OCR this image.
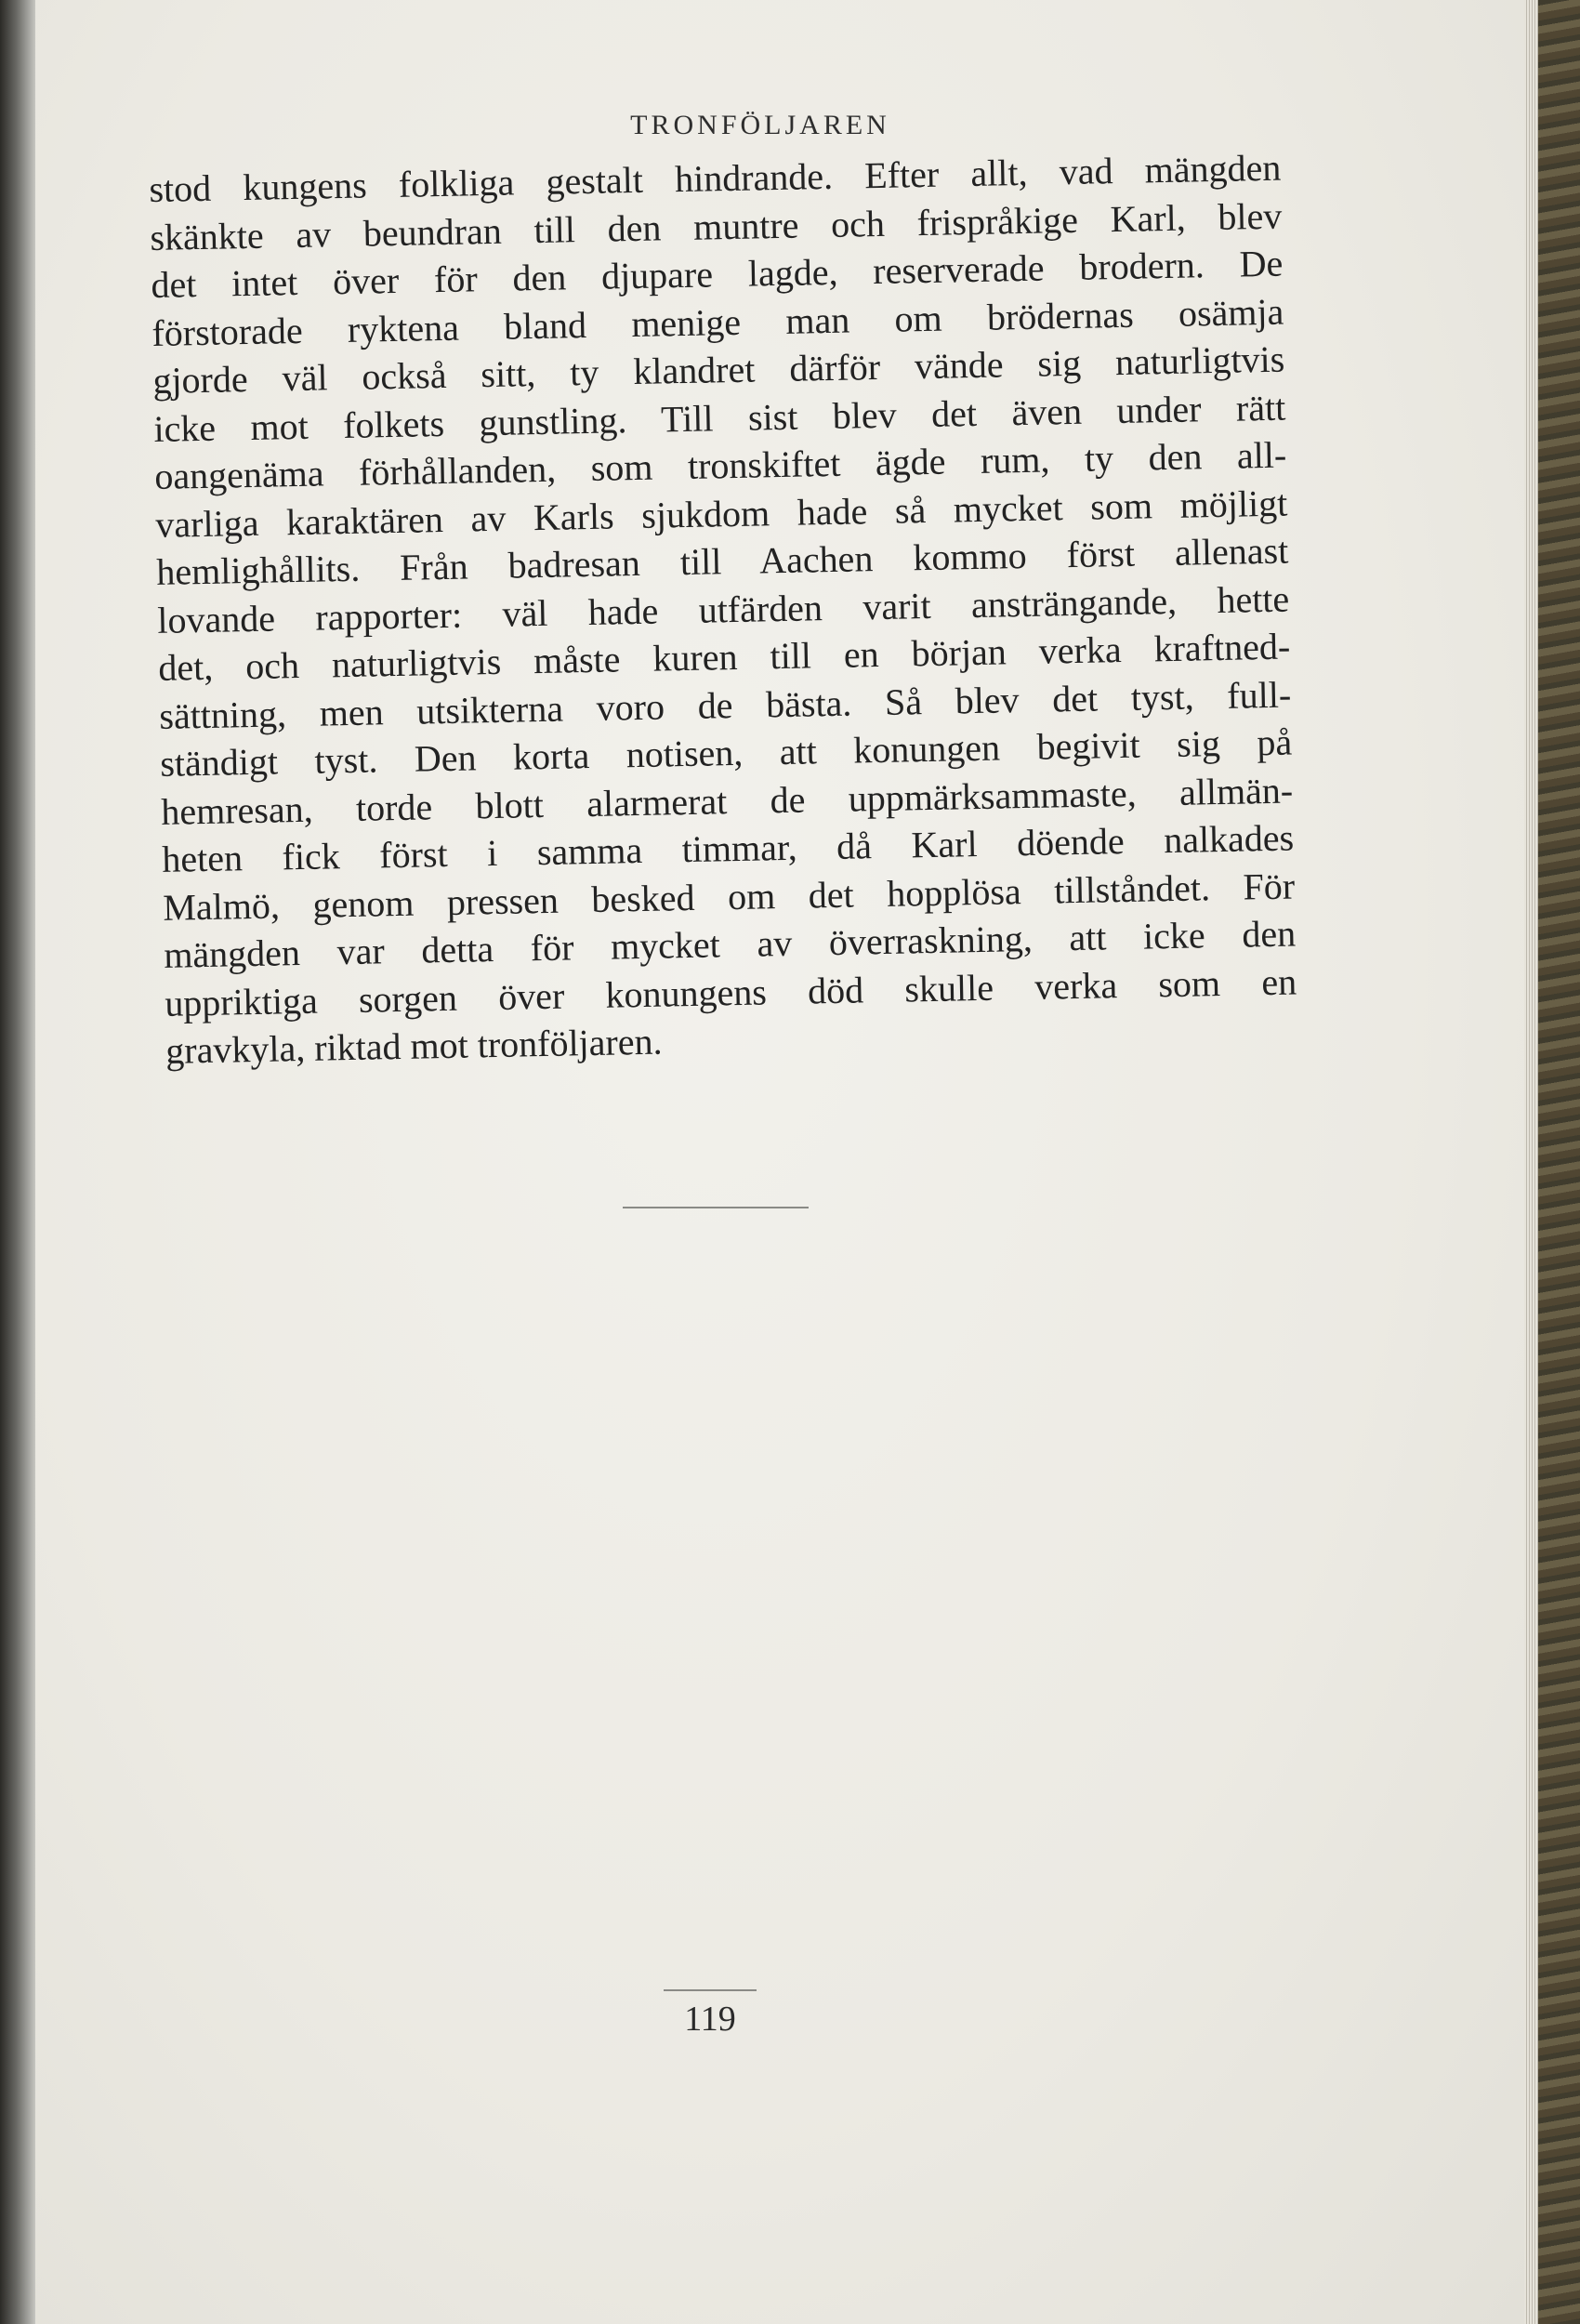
TRONFÖLJAREN
stod kungens folkliga gestalt hindrande. Efter allt, vad mängden
skänkte av beundran till den muntre och frispråkige Karl, blev
det intet över för den djupare lagde, reserverade brodern. De
förstorade ryktena bland menige man om brödernas osämja
gjorde väl också sitt, ty klandret därför vände sig naturligtvis
icke mot folkets gunstling. Till sist blev det även under rätt
oangenäma förhållanden, som tronskiftet ägde rum, ty den all-
varliga karaktären av Karls sjukdom hade så mycket som möjligt
hemlighållits. Från badresan till Aachen kommo först allenast
lovande rapporter: väl hade utfärden varit ansträngande, hette
det, och naturligtvis måste kuren till en början verka kraftned-
sättning, men utsikterna voro de bästa. Så blev det tyst, full-
ständigt tyst. Den korta notisen, att konungen begivit sig på
hemresan, torde blott alarmerat de uppmärksammaste, allmän-
heten fick först i samma timmar, då Karl döende nalkades
Malmö, genom pressen besked om det hopplösa tillståndet. För
mängden var detta för mycket av överraskning, att icke den
uppriktiga sorgen över konungens död skulle verka som en
gravkyla, riktad mot tronföljaren.
119
